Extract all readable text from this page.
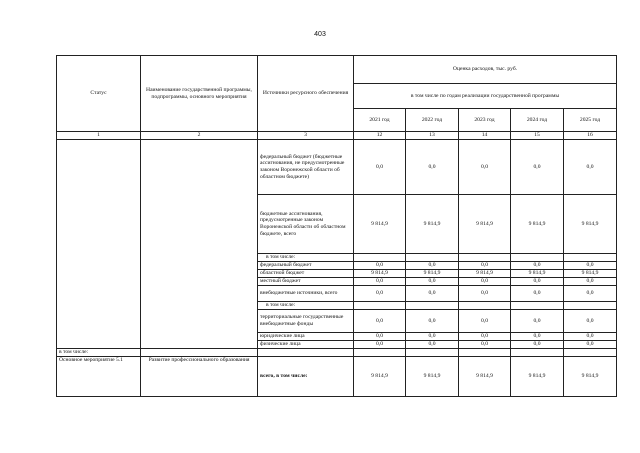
403
Статус	Наименование государственной программы, подпрограммы, основного мероприятия	Источники ресурсного обеспечения	Оценка расходов, тыс. руб.				
			в том числе по годам реализации государственной программы				
			2021 год	2022 год	2023 год	2024 год	2025 год
1	2	3	12	13	14	15	16
		федеральный бюджет (бюджетные ассигнования, не предусмотренные законом Воронежской области об областном бюджете)	0,0	0,0	0,0	0,0	0,0
		бюджетные ассигнования, предусмотренные законом Воронежской области об областном бюджете, всего	9 814,9	9 814,9	9 814,9	9 814,9	9 814,9
		в том числе:					
		федеральный бюджет	0,0	0,0	0,0	0,0	0,0
		областной бюджет	9 814,9	9 814,9	9 814,9	9 814,9	9 814,9
		местный бюджет	0,0	0,0	0,0	0,0	0,0
		внебюджетные источники, всего	0,0	0,0	0,0	0,0	0,0
		в том числе:					
		территориальные государственные внебюджетные фонды	0,0	0,0	0,0	0,0	0,0
		юридические лица	0,0	0,0	0,0	0,0	0,0
		физические лица	0,0	0,0	0,0	0,0	0,0
в том числе:							
Основное мероприятие 5.1	Развитие профессионального образования	всего, в том числе:	9 814,9	9 814,9	9 814,9	9 814,9	9 814,9
